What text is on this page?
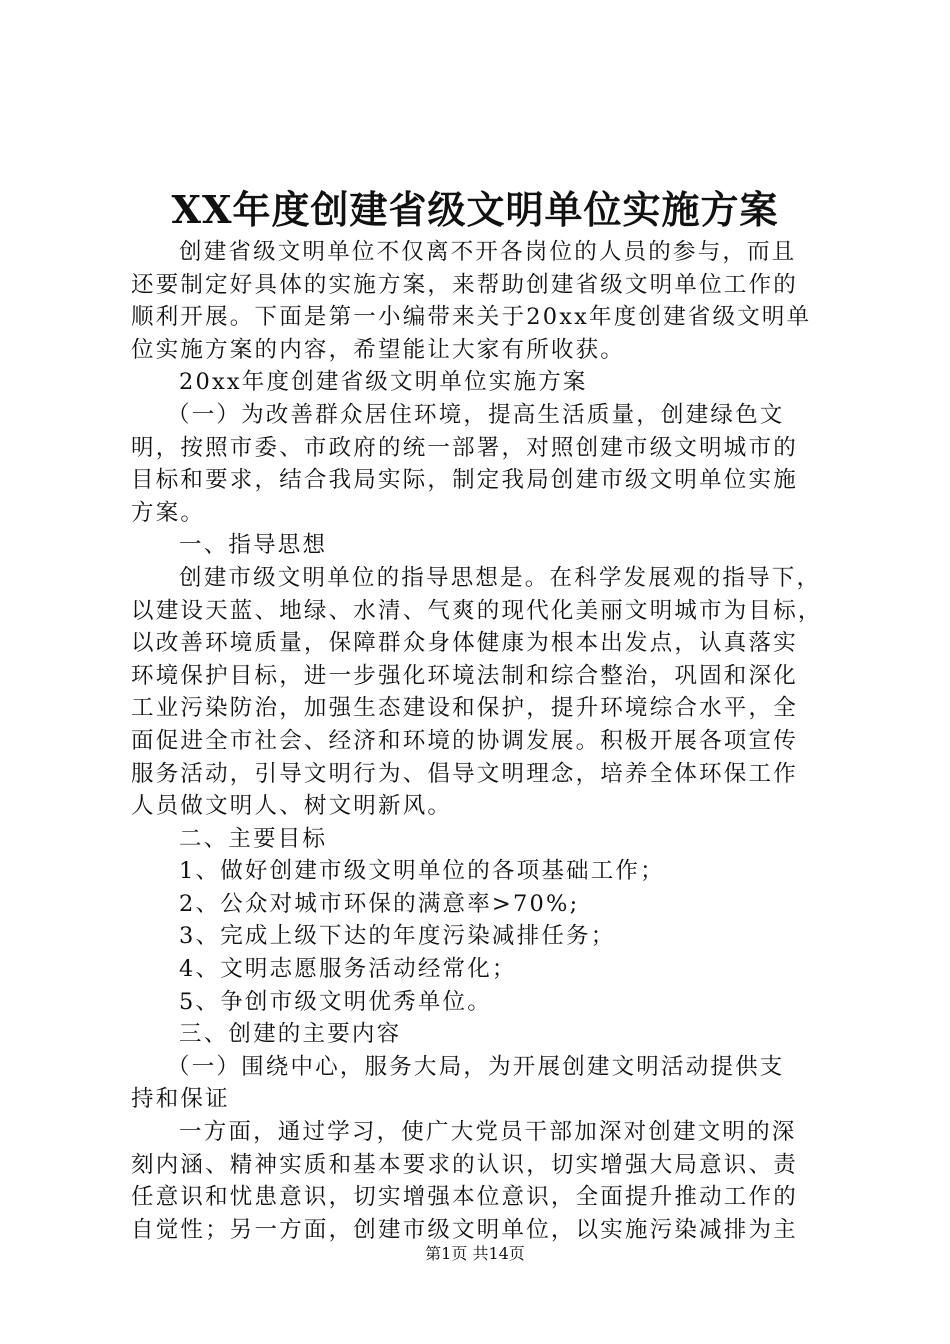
XX年度创建省级文明单位实施方案

创建省级文明单位不仅离不开各岗位的人员的参与，而且

还要制定好具体的实施方案，来帮助创建省级文明单位工作的

顺利开展。下面是第一小编带来关于20xx年度创建省级文明单

位实施方案的内容，希望能让大家有所收获。

20xx年度创建省级文明单位实施方案

（一）为改善群众居住环境，提高生活质量，创建绿色文

明，按照市委、市政府的统一部署，对照创建市级文明城市的

目标和要求，结合我局实际，制定我局创建市级文明单位实施

方案。

一、指导思想

创建市级文明单位的指导思想是。在科学发展观的指导下，

以建设天蓝、地绿、水清、气爽的现代化美丽文明城市为目标，

以改善环境质量，保障群众身体健康为根本出发点，认真落实

环境保护目标，进一步强化环境法制和综合整治，巩固和深化

工业污染防治，加强生态建设和保护，提升环境综合水平，全

面促进全市社会、经济和环境的协调发展。积极开展各项宣传

服务活动，引导文明行为、倡导文明理念，培养全体环保工作

人员做文明人、树文明新风。

二、主要目标

1、做好创建市级文明单位的各项基础工作；

2、公众对城市环保的满意率>70%;

3、完成上级下达的年度污染减排任务；

4、文明志愿服务活动经常化；

5、争创市级文明优秀单位。

三、创建的主要内容

（一）围绕中心，服务大局，为开展创建文明活动提供支

持和保证

一方面，通过学习，使广大党员干部加深对创建文明的深

刻内涵、精神实质和基本要求的认识，切实增强大局意识、责

任意识和忧患意识，切实增强本位意识，全面提升推动工作的

自觉性；另一方面，创建市级文明单位，以实施污染减排为主

第1页 共14页
